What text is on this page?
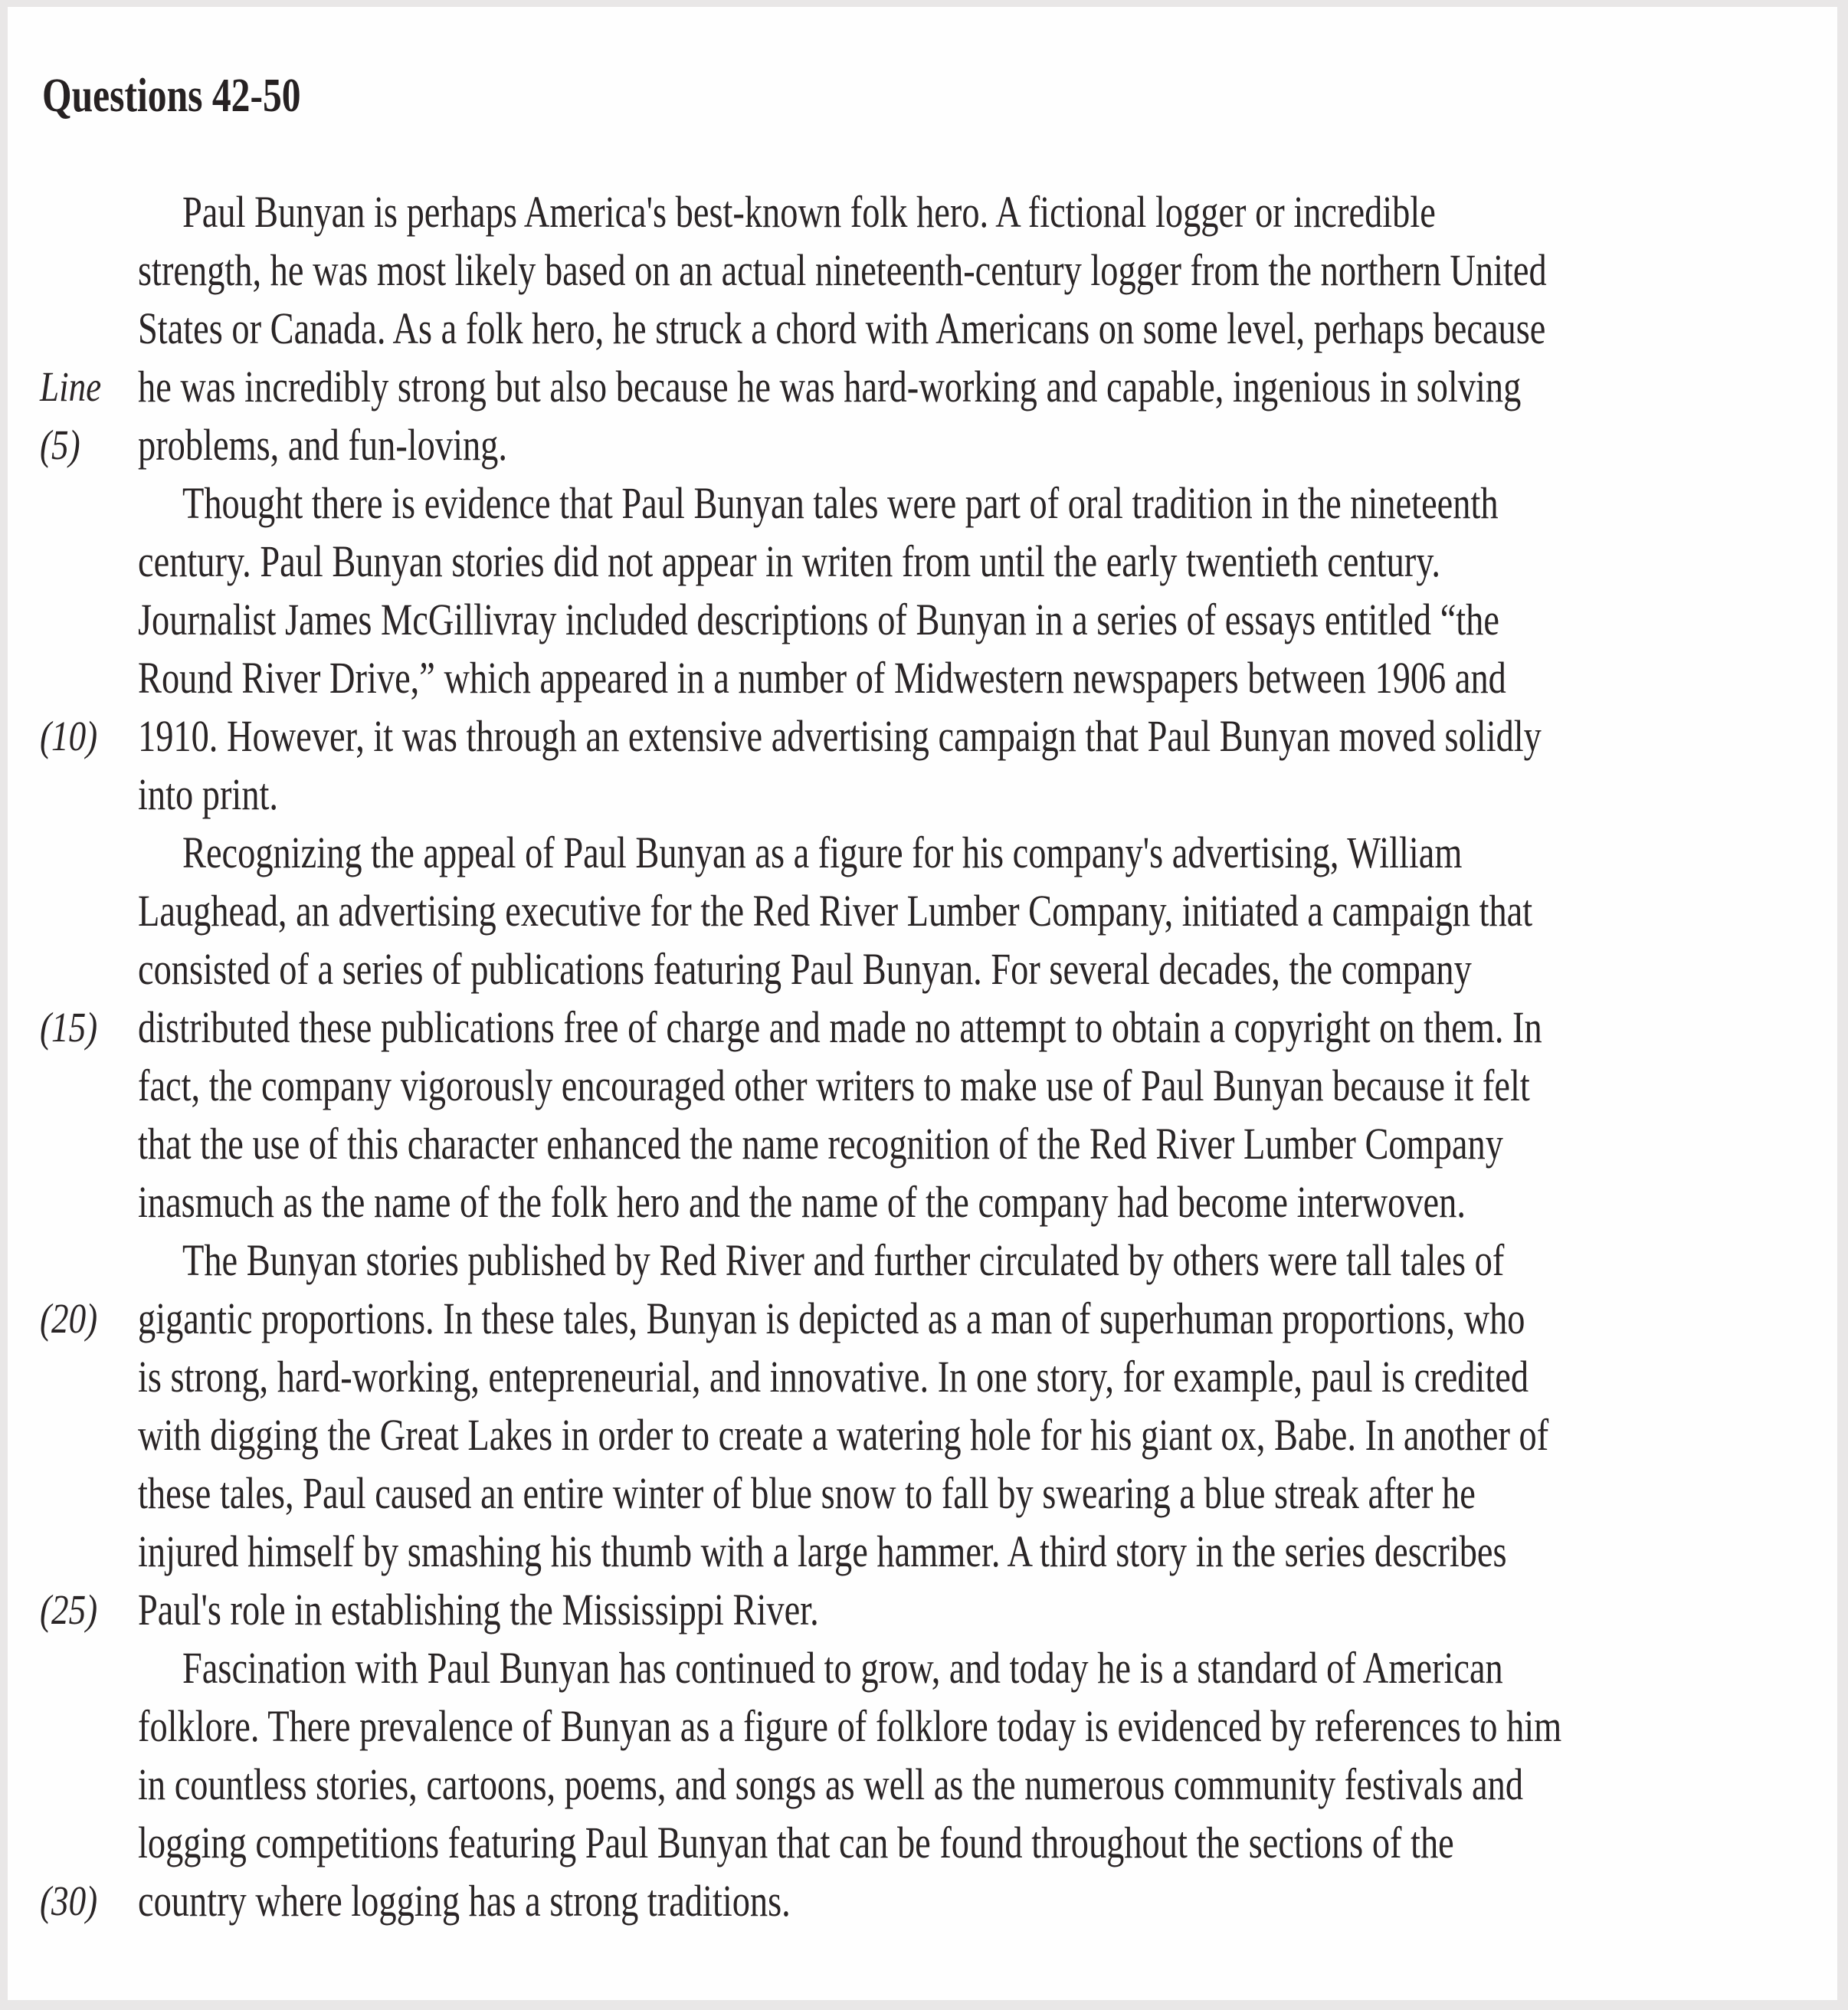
Questions 42-50
Paul Bunyan is perhaps America's best-known folk hero. A fictional logger or incredible
strength, he was most likely based on an actual nineteenth-century logger from the northern United
States or Canada. As a folk hero, he struck a chord with Americans on some level, perhaps because
Line he was incredibly strong but also because he was hard-working and capable, ingenious in solving
(5) problems, and fun-loving.
Thought there is evidence that Paul Bunyan tales were part of oral tradition in the nineteenth
century. Paul Bunyan stories did not appear in writen from until the early twentieth century.
Journalist James McGillivray included descriptions of Bunyan in a series of essays entitled “the
Round River Drive,” which appeared in a number of Midwestern newspapers between 1906 and
(10) 1910. However, it was through an extensive advertising campaign that Paul Bunyan moved solidly
into print.
Recognizing the appeal of Paul Bunyan as a figure for his company's advertising, William
Laughead, an advertising executive for the Red River Lumber Company, initiated a campaign that
consisted of a series of publications featuring Paul Bunyan. For several decades, the company
(15) distributed these publications free of charge and made no attempt to obtain a copyright on them. In
fact, the company vigorously encouraged other writers to make use of Paul Bunyan because it felt
that the use of this character enhanced the name recognition of the Red River Lumber Company
inasmuch as the name of the folk hero and the name of the company had become interwoven.
The Bunyan stories published by Red River and further circulated by others were tall tales of
(20) gigantic proportions. In these tales, Bunyan is depicted as a man of superhuman proportions, who
is strong, hard-working, entepreneurial, and innovative. In one story, for example, paul is credited
with digging the Great Lakes in order to create a watering hole for his giant ox, Babe. In another of
these tales, Paul caused an entire winter of blue snow to fall by swearing a blue streak after he
injured himself by smashing his thumb with a large hammer. A third story in the series describes
(25) Paul's role in establishing the Mississippi River.
Fascination with Paul Bunyan has continued to grow, and today he is a standard of American
folklore. There prevalence of Bunyan as a figure of folklore today is evidenced by references to him
in countless stories, cartoons, poems, and songs as well as the numerous community festivals and
logging competitions featuring Paul Bunyan that can be found throughout the sections of the
(30) country where logging has a strong traditions.
